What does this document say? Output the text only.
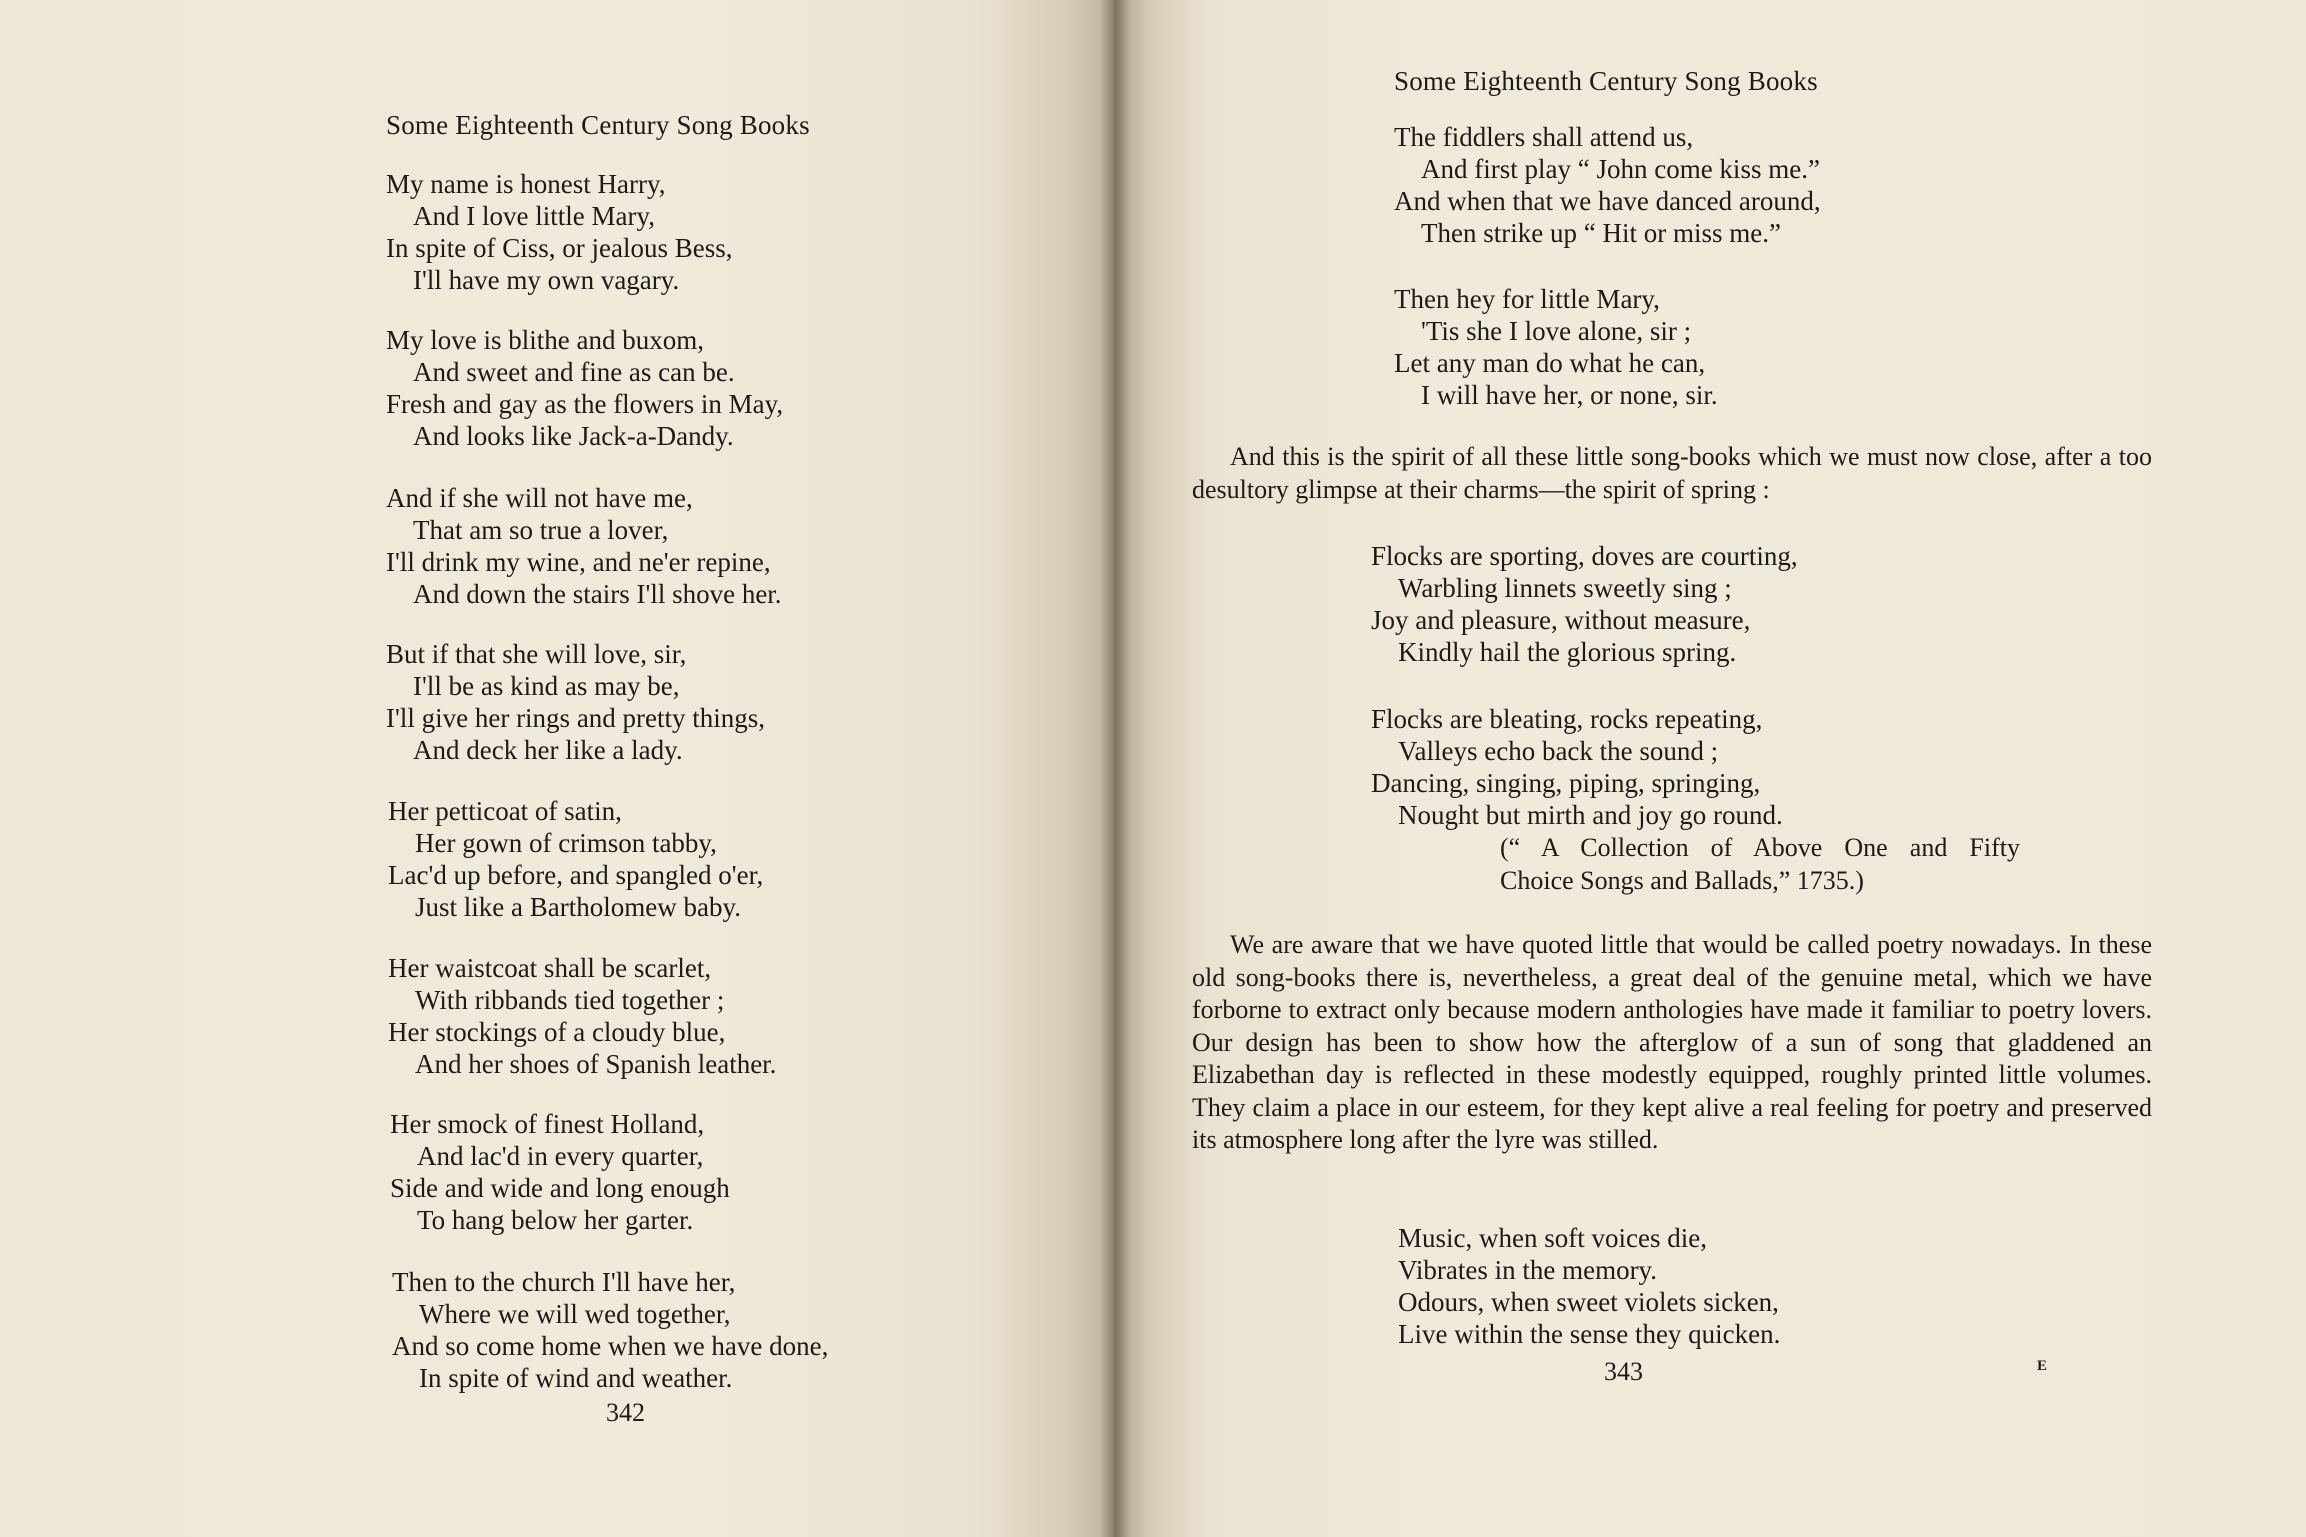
Some Eighteenth Century Song Books
My name is honest Harry,
And I love little Mary,
In spite of Ciss, or jealous Bess,
I'll have my own vagary.
My love is blithe and buxom,
And sweet and fine as can be.
Fresh and gay as the flowers in May,
And looks like Jack-a-Dandy.
And if she will not have me,
That am so true a lover,
I'll drink my wine, and ne'er repine,
And down the stairs I'll shove her.
But if that she will love, sir,
I'll be as kind as may be,
I'll give her rings and pretty things,
And deck her like a lady.
Her petticoat of satin,
Her gown of crimson tabby,
Lac'd up before, and spangled o'er,
Just like a Bartholomew baby.
Her waistcoat shall be scarlet,
With ribbands tied together ;
Her stockings of a cloudy blue,
And her shoes of Spanish leather.
Her smock of finest Holland,
And lac'd in every quarter,
Side and wide and long enough
To hang below her garter.
Then to the church I'll have her,
Where we will wed together,
And so come home when we have done,
In spite of wind and weather.
342
Some Eighteenth Century Song Books
The fiddlers shall attend us,
And first play “ John come kiss me.”
And when that we have danced around,
Then strike up “ Hit or miss me.”
Then hey for little Mary,
'Tis she I love alone, sir ;
Let any man do what he can,
I will have her, or none, sir.

And this is the spirit of all these little song-books which we must now close, after a too desultory glimpse at their charms—the spirit of spring :

Flocks are sporting, doves are courting,
Warbling linnets sweetly sing ;
Joy and pleasure, without measure,
Kindly hail the glorious spring.
Flocks are bleating, rocks repeating,
Valleys echo back the sound ;
Dancing, singing, piping, springing,
Nought but mirth and joy go round.
(“ A Collection of Above One and Fifty
Choice Songs and Ballads,” 1735.)

We are aware that we have quoted little that would be called poetry nowadays. In these old song-books there is, nevertheless, a great deal of the genuine metal, which we have forborne to extract only because modern anthologies have made it familiar to poetry lovers. Our design has been to show how the afterglow of a sun of song that gladdened an Elizabethan day is reflected in these modestly equipped, roughly printed little volumes. They claim a place in our esteem, for they kept alive a real feeling for poetry and preserved its atmosphere long after the lyre was stilled.

Music, when soft voices die,
Vibrates in the memory.
Odours, when sweet violets sicken,
Live within the sense they quicken.
343	E
